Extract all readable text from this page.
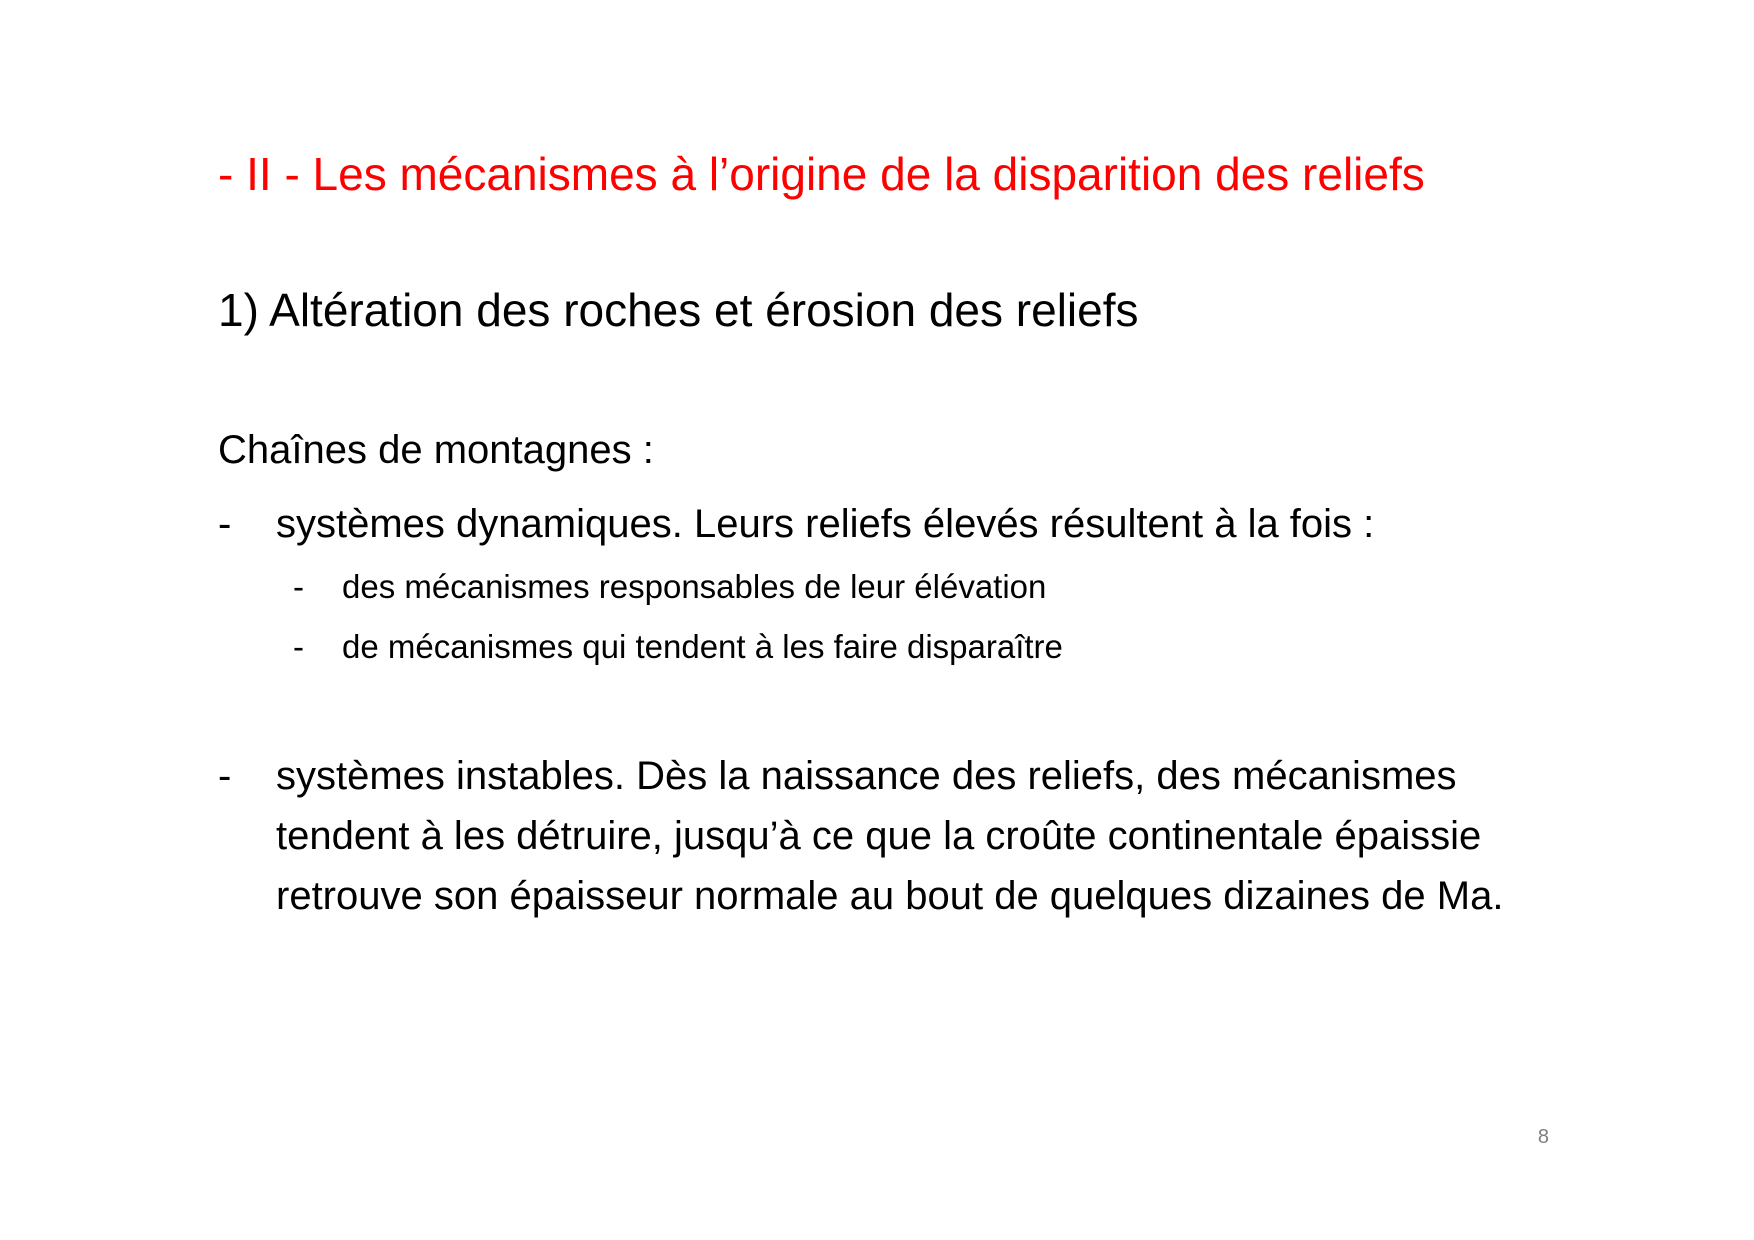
- II - Les mécanismes à l’origine de la disparition des reliefs
1) Altération des roches et érosion des reliefs

Chaînes de montagnes :

- systèmes dynamiques. Leurs reliefs élevés résultent à la fois :
- des mécanismes responsables de leur élévation
- de mécanismes qui tendent à les faire disparaître
- systèmes instables. Dès la naissance des reliefs, des mécanismes tendent à les détruire, jusqu’à ce que la croûte continentale épaissie retrouve son épaisseur normale au bout de quelques dizaines de Ma.
8
